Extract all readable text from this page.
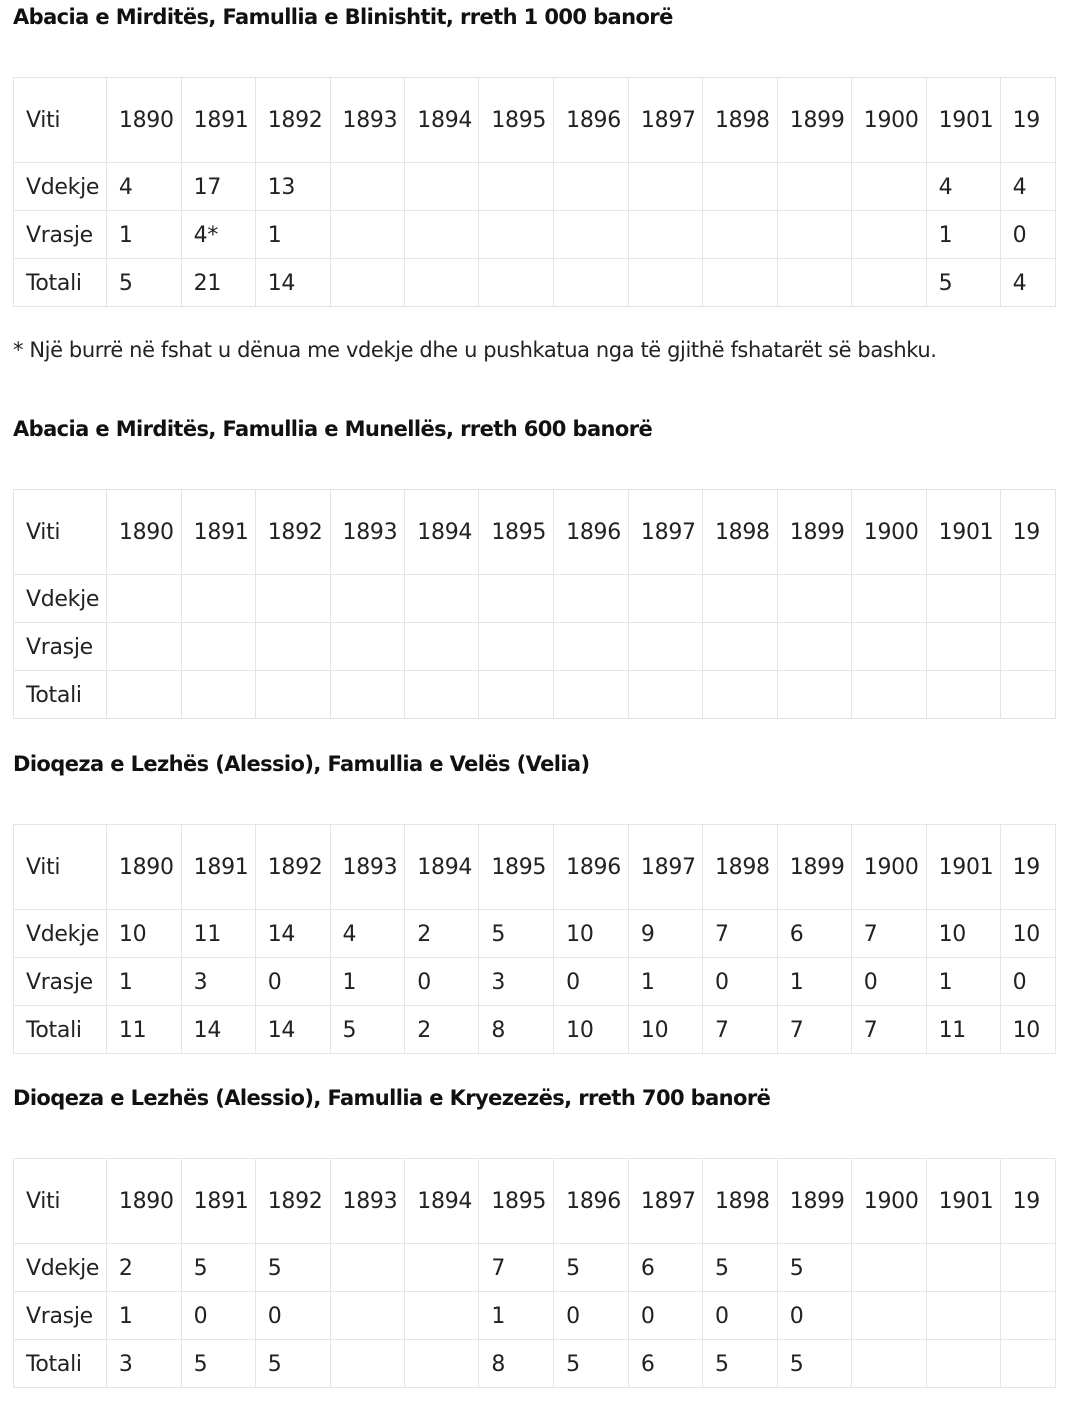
Abacia e Mirditës, Famullia e Blinishtit, rreth 1 000 banorë
Viti	1890	1891	1892	1893	1894	1895	1896	1897	1898	1899	1900	1901	19
Vdekje	4	17	13									4	4
Vrasje	1	4*	1									1	0
Totali	5	21	14									5	4

* Një burrë në fshat u dënua me vdekje dhe u pushkatua nga të gjithë fshatarët së bashku.

Abacia e Mirditës, Famullia e Munellës, rreth 600 banorë
Viti	1890	1891	1892	1893	1894	1895	1896	1897	1898	1899	1900	1901	19
Vdekje													
Vrasje													
Totali													
Dioqeza e Lezhës (Alessio), Famullia e Velës (Velia)
Viti	1890	1891	1892	1893	1894	1895	1896	1897	1898	1899	1900	1901	19
Vdekje	10	11	14	4	2	5	10	9	7	6	7	10	10
Vrasje	1	3	0	1	0	3	0	1	0	1	0	1	0
Totali	11	14	14	5	2	8	10	10	7	7	7	11	10
Dioqeza e Lezhës (Alessio), Famullia e Kryezezës, rreth 700 banorë
Viti	1890	1891	1892	1893	1894	1895	1896	1897	1898	1899	1900	1901	19
Vdekje	2	5	5			7	5	6	5	5			
Vrasje	1	0	0			1	0	0	0	0			
Totali	3	5	5			8	5	6	5	5			
